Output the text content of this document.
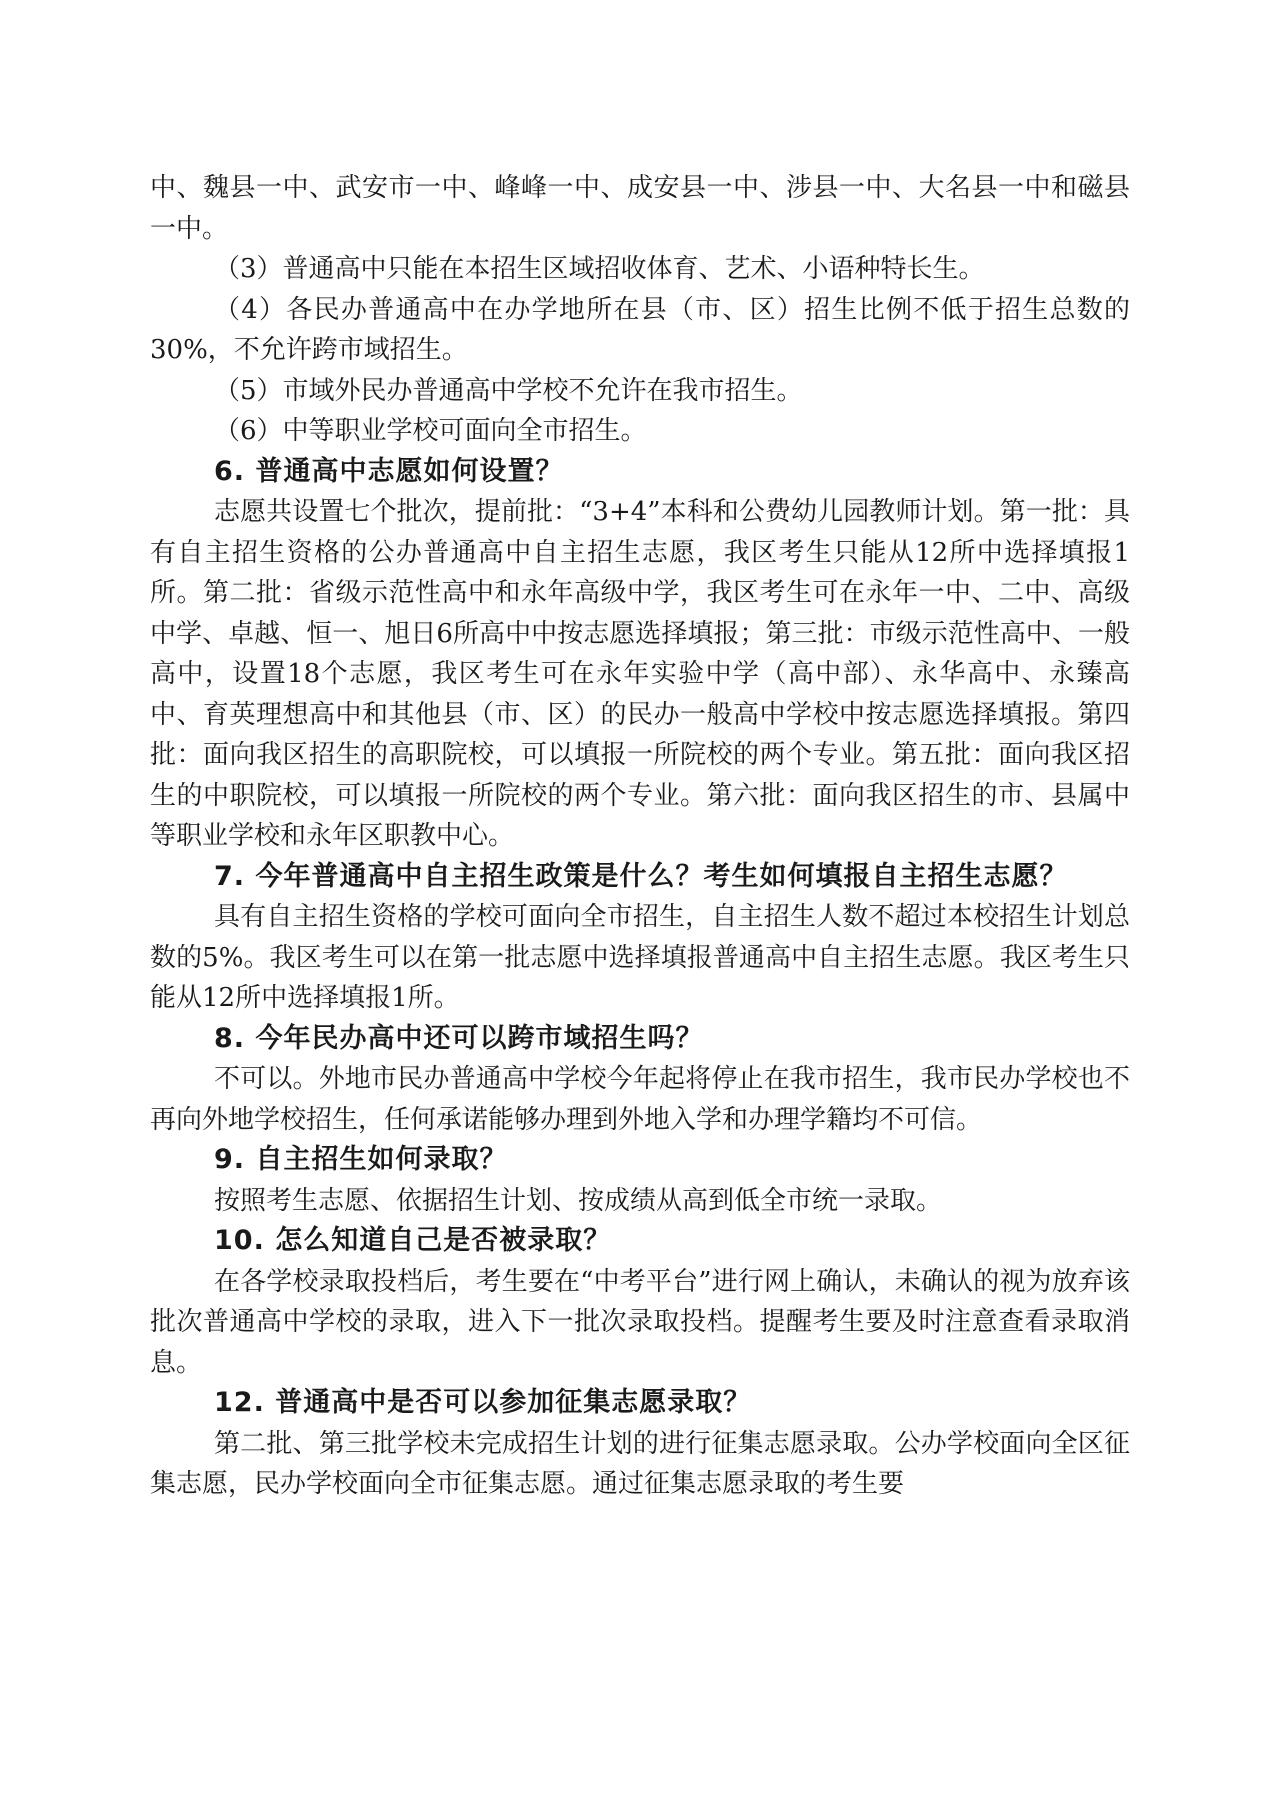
中、魏县一中、武安市一中、峰峰一中、成安县一中、涉县一中、大名县一中和磁县一中。

（3）普通高中只能在本招生区域招收体育、艺术、小语种特长生。

（4）各民办普通高中在办学地所在县（市、区）招生比例不低于招生总数的30%，不允许跨市域招生。

（5）市域外民办普通高中学校不允许在我市招生。

（6）中等职业学校可面向全市招生。

6. 普通高中志愿如何设置？

志愿共设置七个批次，提前批：“3+4”本科和公费幼儿园教师计划。第一批：具有自主招生资格的公办普通高中自主招生志愿，我区考生只能从12所中选择填报1所。第二批：省级示范性高中和永年高级中学，我区考生可在永年一中、二中、高级中学、卓越、恒一、旭日6所高中中按志愿选择填报；第三批：市级示范性高中、一般高中，设置18个志愿，我区考生可在永年实验中学（高中部）、永华高中、永臻高中、育英理想高中和其他县（市、区）的民办一般高中学校中按志愿选择填报。第四批：面向我区招生的高职院校，可以填报一所院校的两个专业。第五批：面向我区招生的中职院校，可以填报一所院校的两个专业。第六批：面向我区招生的市、县属中等职业学校和永年区职教中心。

7. 今年普通高中自主招生政策是什么？考生如何填报自主招生志愿？

具有自主招生资格的学校可面向全市招生，自主招生人数不超过本校招生计划总数的5%。我区考生可以在第一批志愿中选择填报普通高中自主招生志愿。我区考生只能从12所中选择填报1所。

8. 今年民办高中还可以跨市域招生吗？

不可以。外地市民办普通高中学校今年起将停止在我市招生，我市民办学校也不再向外地学校招生，任何承诺能够办理到外地入学和办理学籍均不可信。

9. 自主招生如何录取？

按照考生志愿、依据招生计划、按成绩从高到低全市统一录取。

10. 怎么知道自己是否被录取？

在各学校录取投档后，考生要在“中考平台”进行网上确认，未确认的视为放弃该批次普通高中学校的录取，进入下一批次录取投档。提醒考生要及时注意查看录取消息。

12. 普通高中是否可以参加征集志愿录取？

第二批、第三批学校未完成招生计划的进行征集志愿录取。公办学校面向全区征集志愿，民办学校面向全市征集志愿。通过征集志愿录取的考生要
